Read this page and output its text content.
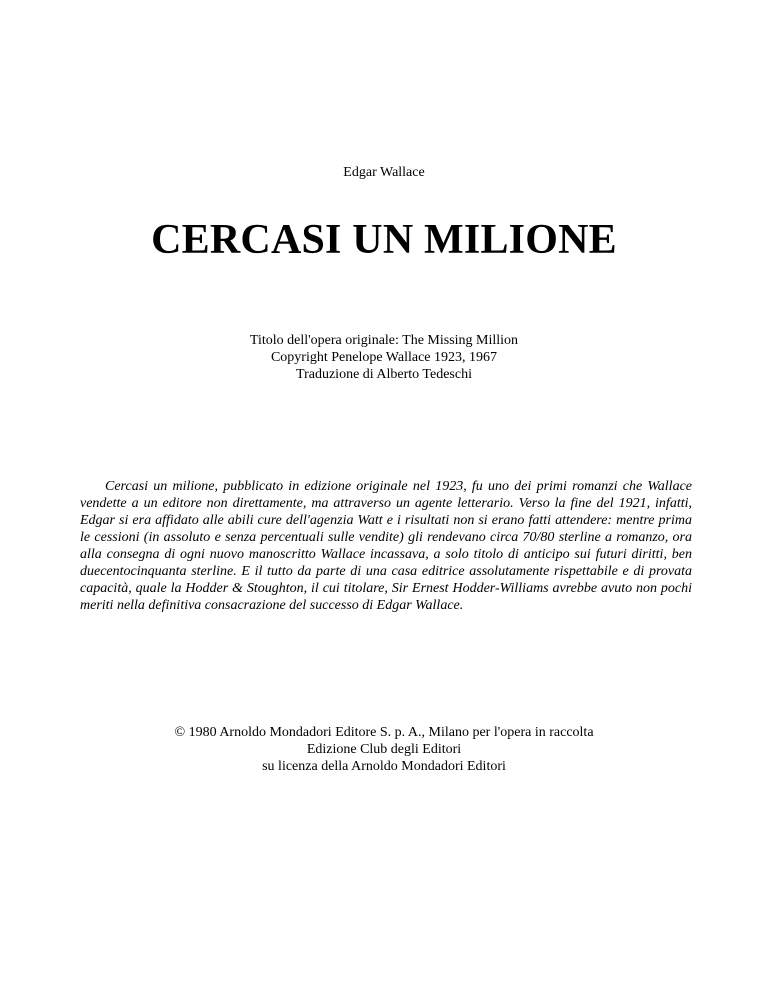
Edgar Wallace
CERCASI UN MILIONE
Titolo dell'opera originale: The Missing Million
Copyright Penelope Wallace 1923, 1967
Traduzione di Alberto Tedeschi

Cercasi un milione, pubblicato in edizione originale nel 1923, fu uno dei primi romanzi che Wallace vendette a un editore non direttamente, ma attraverso un agente letterario. Verso la fine del 1921, infatti, Edgar si era affidato alle abili cure dell'agenzia Watt e i risultati non si erano fatti attendere: mentre prima le cessioni (in assoluto e senza percentuali sulle vendite) gli rendevano circa 70/80 sterline a romanzo, ora alla consegna di ogni nuovo manoscritto Wallace incassava, a solo titolo di anticipo sui futuri diritti, ben duecentocinquanta sterline. E il tutto da parte di una casa editrice assolutamente rispettabile e di provata capacità, quale la Hodder & Stoughton, il cui titolare, Sir Ernest Hodder-Williams avrebbe avuto non pochi meriti nella definitiva consacrazione del successo di Edgar Wallace.

© 1980 Arnoldo Mondadori Editore S. p. A., Milano per l'opera in raccolta
Edizione Club degli Editori
su licenza della Arnoldo Mondadori Editori
